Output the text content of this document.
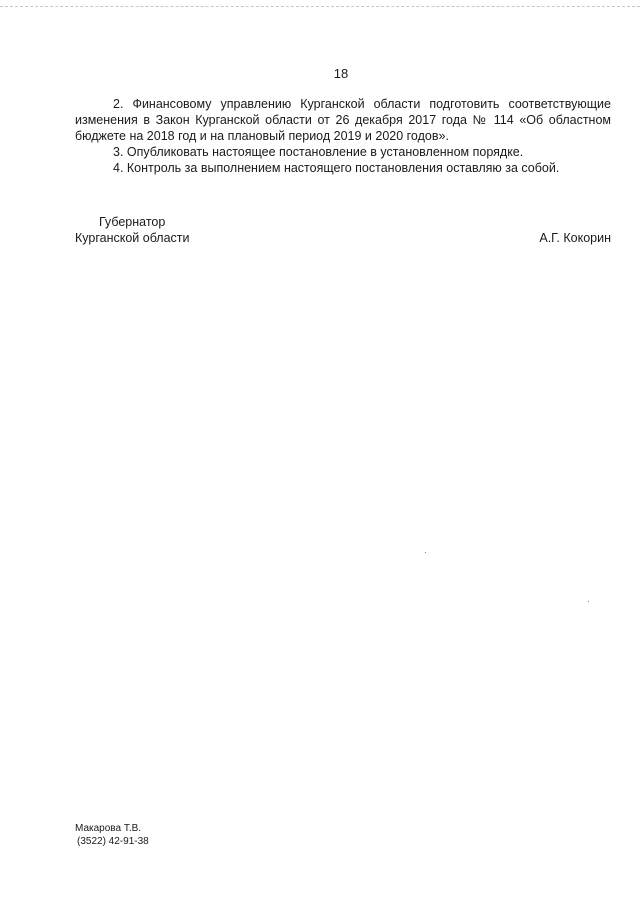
18

2. Финансовому управлению Курганской области подготовить соответствующие изменения в Закон Курганской области от 26 декабря 2017 года № 114 «Об областном бюджете на 2018 год и на плановый период 2019 и 2020 годов».

3. Опубликовать настоящее постановление в установленном порядке.

4. Контроль за выполнением настоящего постановления оставляю за собой.

Губернатор
Курганской области	А.Г. Кокорин
Макарова Т.В.
(3522) 42-91-38
